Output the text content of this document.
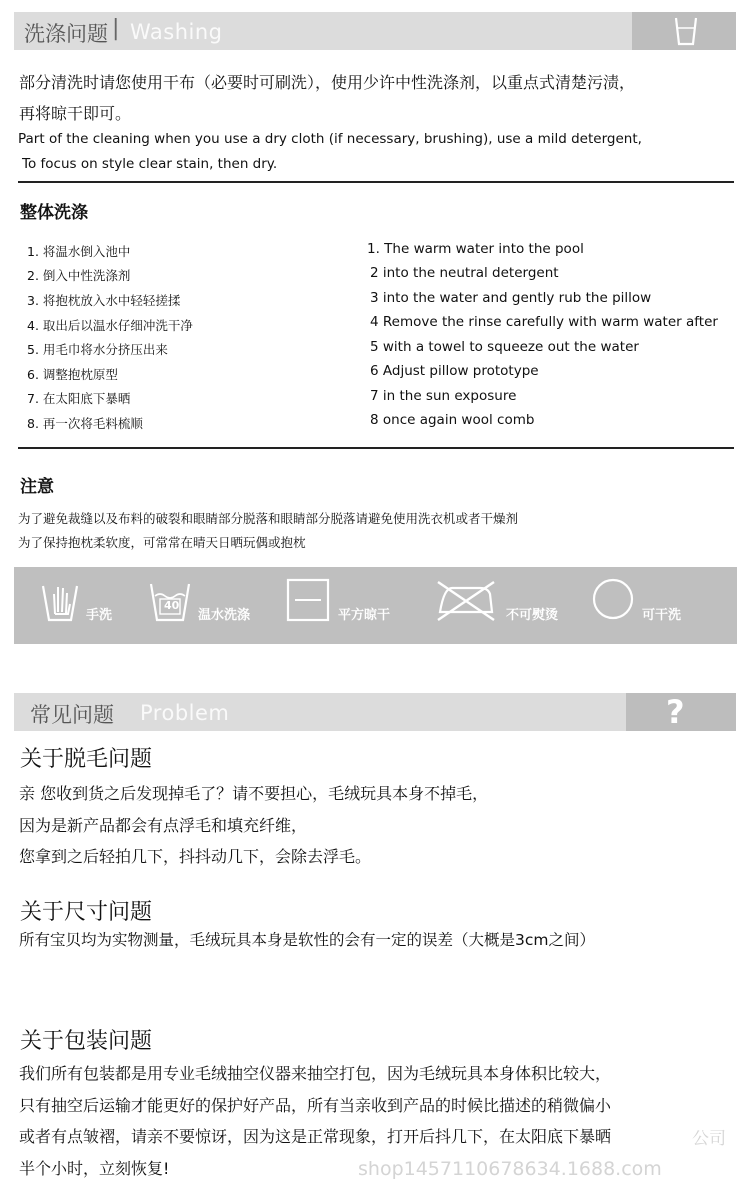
洗涤问题 | Washing
部分清洗时请您使用干布（必要时可刷洗），使用少许中性洗涤剂，以重点式清楚污渍，
再将晾干即可。
Part of the cleaning when you use a dry cloth (if necessary, brushing), use a mild detergent,
To focus on style clear stain, then dry.
整体洗涤
1. 将温水倒入池中
2. 倒入中性洗涤剂
3. 将抱枕放入水中轻轻搓揉
4. 取出后以温水仔细冲洗干净
5. 用毛巾将水分挤压出来
6. 调整抱枕原型
7. 在太阳底下暴晒
8. 再一次将毛料梳顺
1. The warm water into the pool
2 into the neutral detergent
3 into the water and gently rub the pillow
4 Remove the rinse carefully with warm water after
5 with a towel to squeeze out the water
6 Adjust pillow prototype
7 in the sun exposure
8 once again wool comb
注意
为了避免裁缝以及布料的破裂和眼睛部分脱落和眼睛部分脱落请避免使用洗衣机或者干燥剂
为了保持抱枕柔软度，可常常在晴天日晒玩偶或抱枕
手洗
40
温水洗涤	平方晾干	不可熨烫	可干洗
常见问题 Problem	?
关于脱毛问题
亲 您收到货之后发现掉毛了？请不要担心，毛绒玩具本身不掉毛，
因为是新产品都会有点浮毛和填充纤维，
您拿到之后轻拍几下，抖抖动几下，会除去浮毛。
关于尺寸问题
所有宝贝均为实物测量，毛绒玩具本身是软性的会有一定的误差（大概是3cm之间）
关于包装问题
我们所有包装都是用专业毛绒抽空仪器来抽空打包，因为毛绒玩具本身体积比较大，
只有抽空后运输才能更好的保护好产品，所有当亲收到产品的时候比描述的稍微偏小
或者有点皱褶，请亲不要惊讶，因为这是正常现象，打开后抖几下，在太阳底下暴晒
半个小时，立刻恢复!
公司
shop1457110678634.1688.com
